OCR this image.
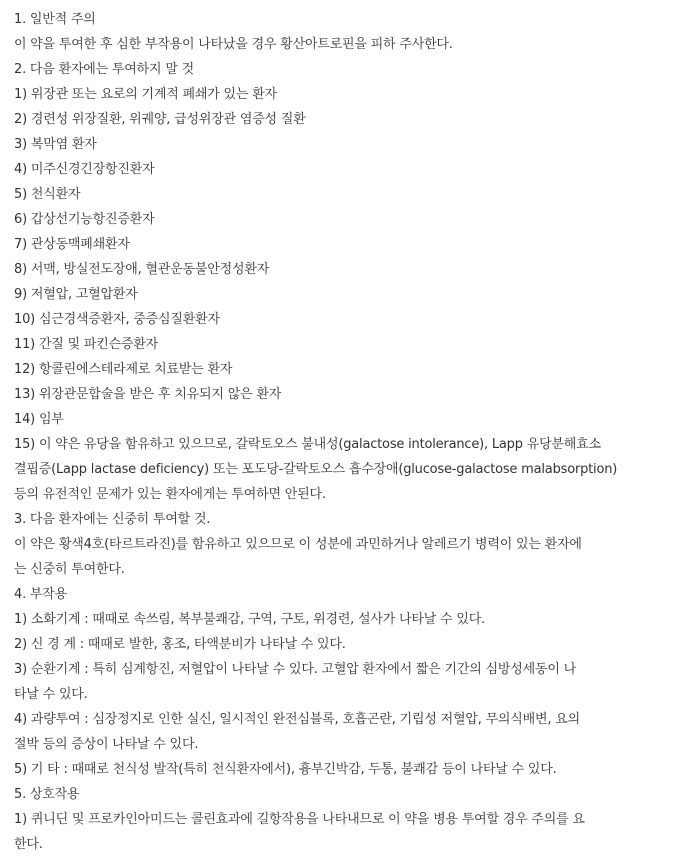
1. 일반적 주의
이 약을 투여한 후 심한 부작용이 나타났을 경우 황산아트로핀을 피하 주사한다.
2. 다음 환자에는 투여하지 말 것
1) 위장관 또는 요로의 기계적 폐쇄가 있는 환자
2) 경련성 위장질환, 위궤양, 급성위장관 염증성 질환
3) 복막염 환자
4) 미주신경긴장항진환자
5) 천식환자
6) 갑상선기능항진증환자
7) 관상동맥폐쇄환자
8) 서맥, 방실전도장애, 혈관운동불안정성환자
9) 저혈압, 고혈압환자
10) 심근경색증환자, 중증심질환환자
11) 간질 및 파킨슨증환자
12) 항콜린에스테라제로 치료받는 환자
13) 위장관문합술을 받은 후 치유되지 않은 환자
14) 임부
15) 이 약은 유당을 함유하고 있으므로, 갈락토오스 불내성(galactose intolerance), Lapp 유당분해효소
결핍증(Lapp lactase deficiency) 또는 포도당-갈락토오스 흡수장애(glucose-galactose malabsorption)
등의 유전적인 문제가 있는 환자에게는 투여하면 안된다.
3. 다음 환자에는 신중히 투여할 것.
이 약은 황색4호(타르트라진)를 함유하고 있으므로 이 성분에 과민하거나 알레르기 병력이 있는 환자에
는 신중히 투여한다.
4. 부작용
1) 소화기계 : 때때로 속쓰림, 복부불쾌감, 구역, 구토, 위경련, 설사가 나타날 수 있다.
2) 신 경 계 : 때때로 발한, 홍조, 타액분비가 나타날 수 있다.
3) 순환기계 : 특히 심계항진, 저혈압이 나타날 수 있다. 고혈압 환자에서 짧은 기간의 심방성세동이 나
타날 수 있다.
4) 과량투여 : 심장정지로 인한 실신, 일시적인 완전심블록, 호흡곤란, 기립성 저혈압, 무의식배변, 요의
절박 등의 증상이 나타날 수 있다.
5) 기 타 : 때때로 천식성 발작(특히 천식환자에서), 흉부긴박감, 두통, 불쾌감 등이 나타날 수 있다.
5. 상호작용
1) 퀴니딘 및 프로카인아미드는 콜린효과에 길항작용을 나타내므로 이 약을 병용 투여할 경우 주의를 요
한다.
